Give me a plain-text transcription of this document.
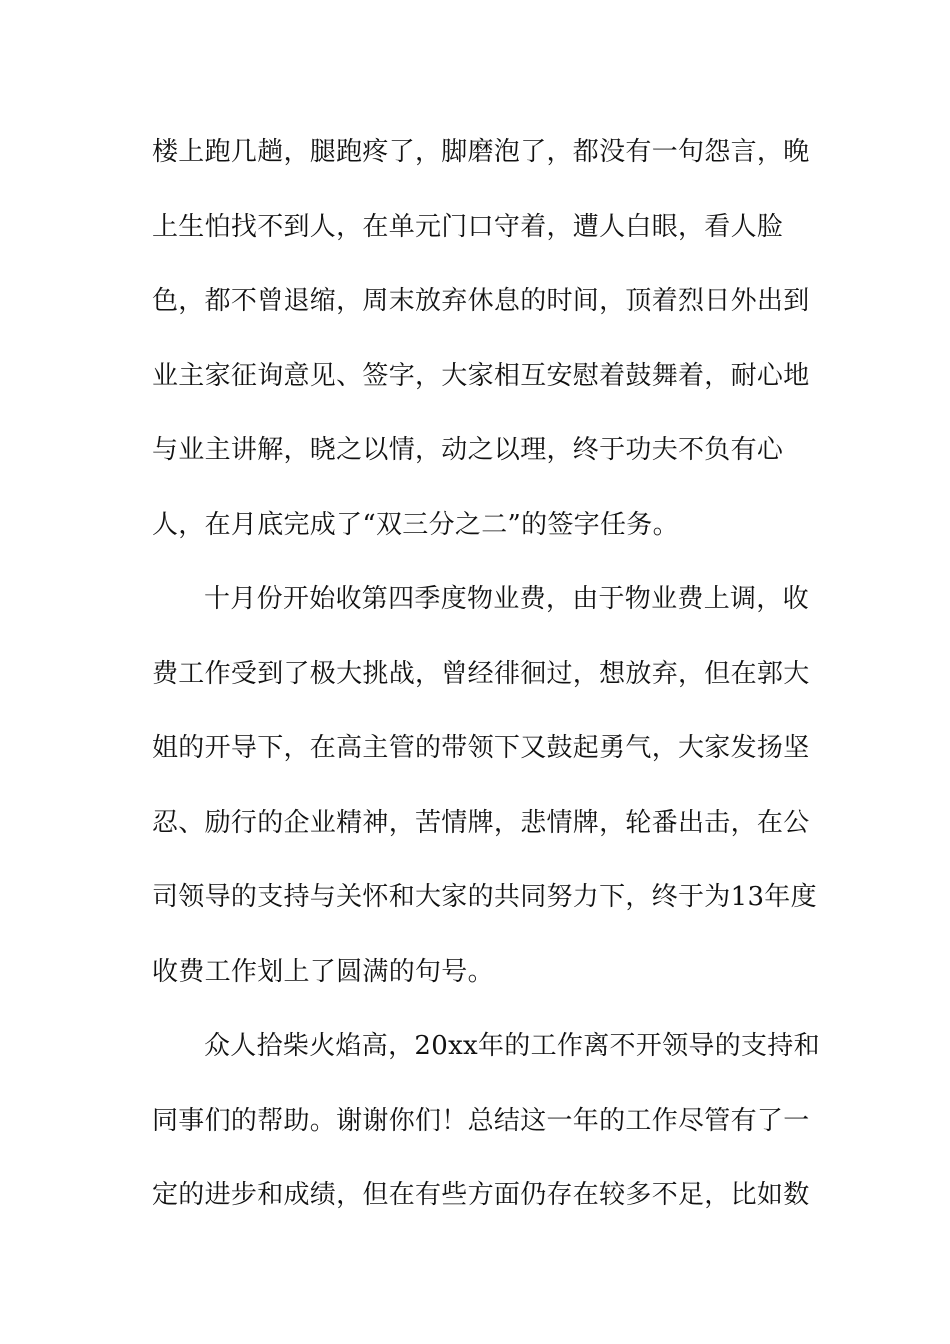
楼上跑几趟，腿跑疼了，脚磨泡了，都没有一句怨言，晚
上生怕找不到人，在单元门口守着，遭人白眼，看人脸
色，都不曾退缩，周末放弃休息的时间，顶着烈日外出到
业主家征询意见、签字，大家相互安慰着鼓舞着，耐心地
与业主讲解，晓之以情，动之以理，终于功夫不负有心
人，在月底完成了“双三分之二”的签字任务。
十月份开始收第四季度物业费，由于物业费上调，收
费工作受到了极大挑战，曾经徘徊过，想放弃，但在郭大
姐的开导下，在高主管的带领下又鼓起勇气，大家发扬坚
忍、励行的企业精神，苦情牌，悲情牌，轮番出击，在公
司领导的支持与关怀和大家的共同努力下，终于为13年度
收费工作划上了圆满的句号。
众人拾柴火焰高，20xx年的工作离不开领导的支持和
同事们的帮助。谢谢你们！总结这一年的工作尽管有了一
定的进步和成绩，但在有些方面仍存在较多不足，比如数
